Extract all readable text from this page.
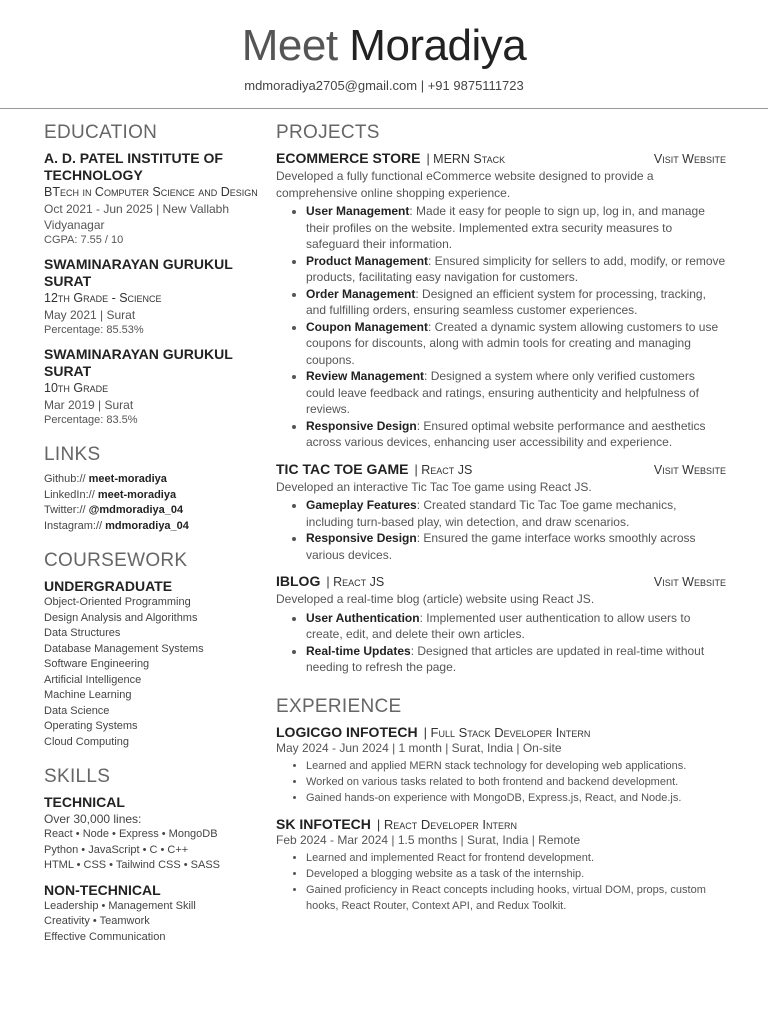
Meet Moradiya
mdmoradiya2705@gmail.com | +91 9875111723
EDUCATION
A. D. PATEL INSTITUTE OF TECHNOLOGY
BTech in Computer Science and Design
Oct 2021 - Jun 2025 | New Vallabh Vidyanagar
CGPA: 7.55 / 10
SWAMINARAYAN GURUKUL SURAT
12th Grade - Science
May 2021 | Surat
Percentage: 85.53%
SWAMINARAYAN GURUKUL SURAT
10th Grade
Mar 2019 | Surat
Percentage: 83.5%
LINKS
Github:// meet-moradiya
LinkedIn:// meet-moradiya
Twitter:// @mdmoradiya_04
Instagram:// mdmoradiya_04
COURSEWORK
UNDERGRADUATE
Object-Oriented Programming
Design Analysis and Algorithms
Data Structures
Database Management Systems
Software Engineering
Artificial Intelligence
Machine Learning
Data Science
Operating Systems
Cloud Computing
SKILLS
TECHNICAL
Over 30,000 lines:
React • Node • Express • MongoDB
Python • JavaScript • C • C++
HTML • CSS • Tailwind CSS • SASS
NON-TECHNICAL
Leadership • Management Skill
Creativity • Teamwork
Effective Communication
PROJECTS
ECOMMERCE STORE | MERN Stack	Visit Website
Developed a fully functional eCommerce website designed to provide a comprehensive online shopping experience.
• User Management: Made it easy for people to sign up, log in, and manage their profiles on the website. Implemented extra security measures to safeguard their information.
• Product Management: Ensured simplicity for sellers to add, modify, or remove products, facilitating easy navigation for customers.
• Order Management: Designed an efficient system for processing, tracking, and fulfilling orders, ensuring seamless customer experiences.
• Coupon Management: Created a dynamic system allowing customers to use coupons for discounts, along with admin tools for creating and managing coupons.
• Review Management: Designed a system where only verified customers could leave feedback and ratings, ensuring authenticity and helpfulness of reviews.
• Responsive Design: Ensured optimal website performance and aesthetics across various devices, enhancing user accessibility and experience.
TIC TAC TOE GAME | React JS	Visit Website
Developed an interactive Tic Tac Toe game using React JS.
• Gameplay Features: Created standard Tic Tac Toe game mechanics, including turn-based play, win detection, and draw scenarios.
• Responsive Design: Ensured the game interface works smoothly across various devices.
IBLOG | React JS	Visit Website
Developed a real-time blog (article) website using React JS.
• User Authentication: Implemented user authentication to allow users to create, edit, and delete their own articles.
• Real-time Updates: Designed that articles are updated in real-time without needing to refresh the page.
EXPERIENCE
LOGICGO INFOTECH | Full Stack Developer Intern
May 2024 - Jun 2024 | 1 month | Surat, India | On-site
• Learned and applied MERN stack technology for developing web applications.
• Worked on various tasks related to both frontend and backend development.
• Gained hands-on experience with MongoDB, Express.js, React, and Node.js.
SK INFOTECH | React Developer Intern
Feb 2024 - Mar 2024 | 1.5 months | Surat, India | Remote
• Learned and implemented React for frontend development.
• Developed a blogging website as a task of the internship.
• Gained proficiency in React concepts including hooks, virtual DOM, props, custom hooks, React Router, Context API, and Redux Toolkit.
